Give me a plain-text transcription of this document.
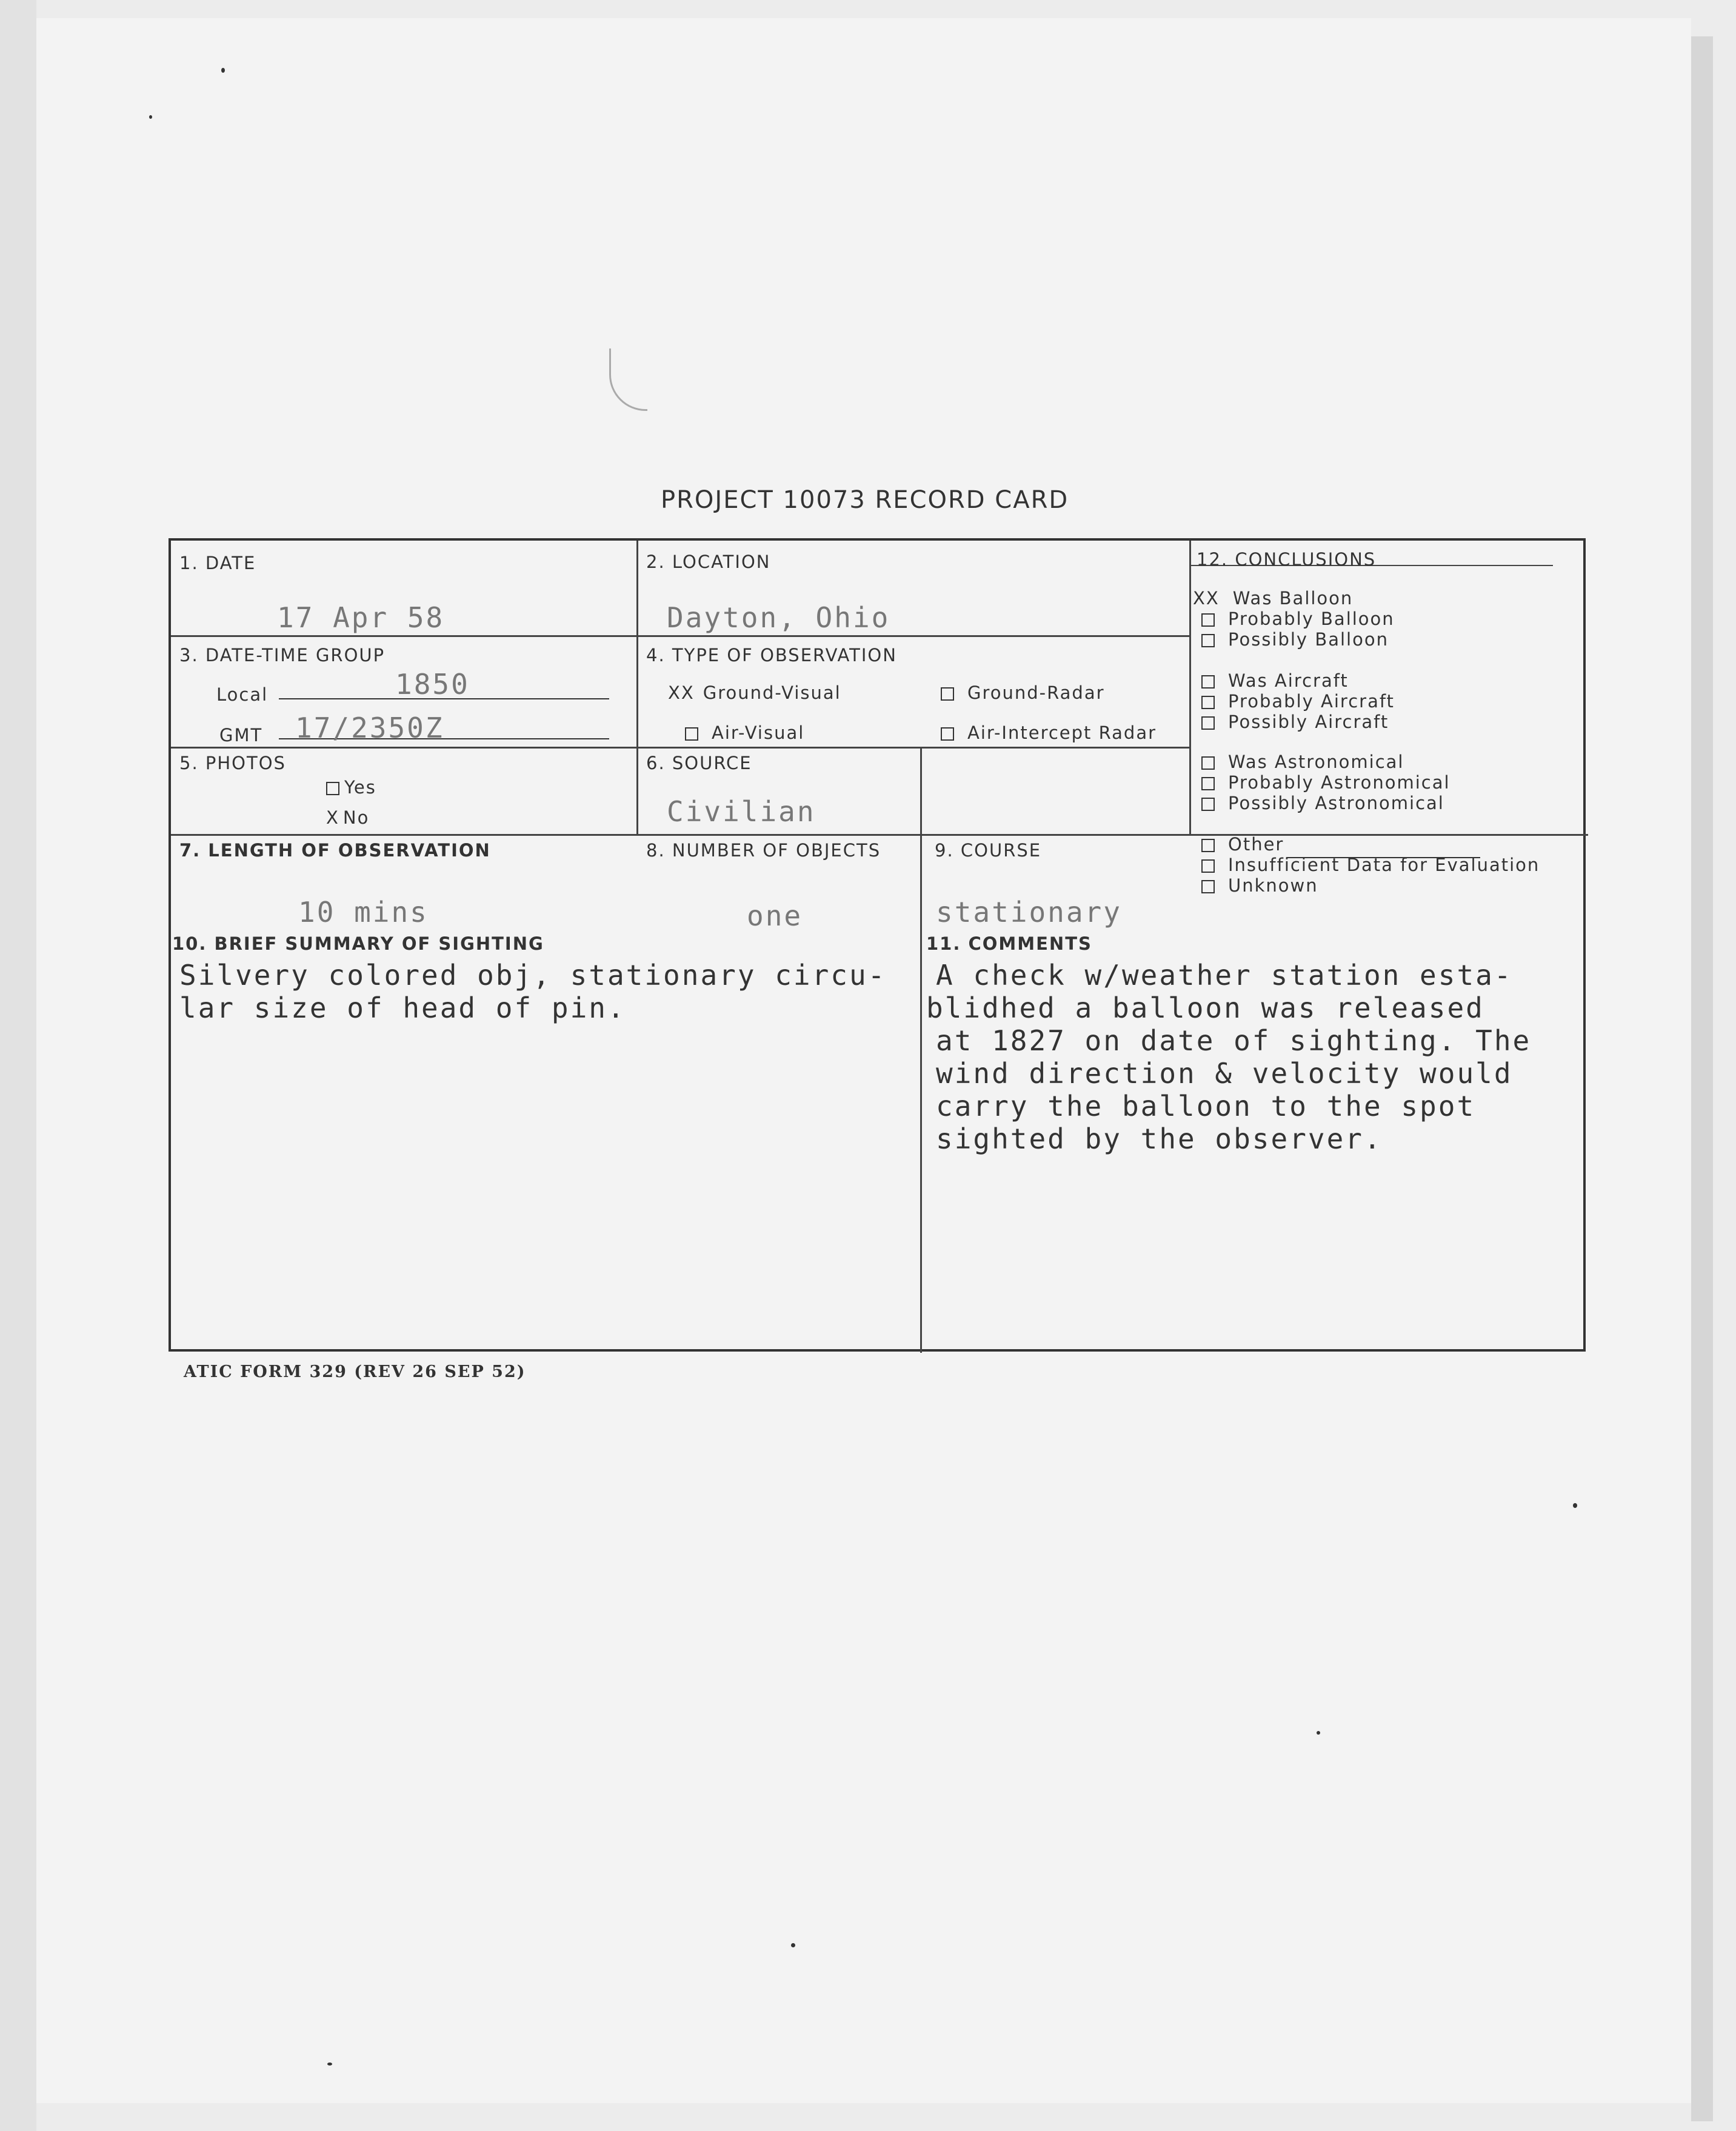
PROJECT 10073 RECORD CARD
1. DATE
17 Apr 58
2. LOCATION
Dayton, Ohio
3. DATE-TIME GROUP
Local	1850
GMT 17/2350Z
4. TYPE OF OBSERVATION
XX Ground-Visual	Ground-Radar
Air-Visual	Air-Intercept Radar
5. PHOTOS
Yes
X No
6. SOURCE
Civilian
7. LENGTH OF OBSERVATION
10 mins
8. NUMBER OF OBJECTS
one
9. COURSE
stationary
10. BRIEF SUMMARY OF SIGHTING
Silvery colored obj, stationary circu-
lar size of head of pin.
11. COMMENTS
A check w/weather station esta-
blidhed a balloon was released
at 1827 on date of sighting. The
wind direction & velocity would
carry the balloon to the spot
sighted by the observer.
12. CONCLUSIONS
XX Was Balloon
Probably Balloon
Possibly Balloon
Was Aircraft
Probably Aircraft
Possibly Aircraft
Was Astronomical
Probably Astronomical
Possibly Astronomical
Other
Insufficient Data for Evaluation
Unknown
ATIC FORM 329 (REV 26 SEP 52)
